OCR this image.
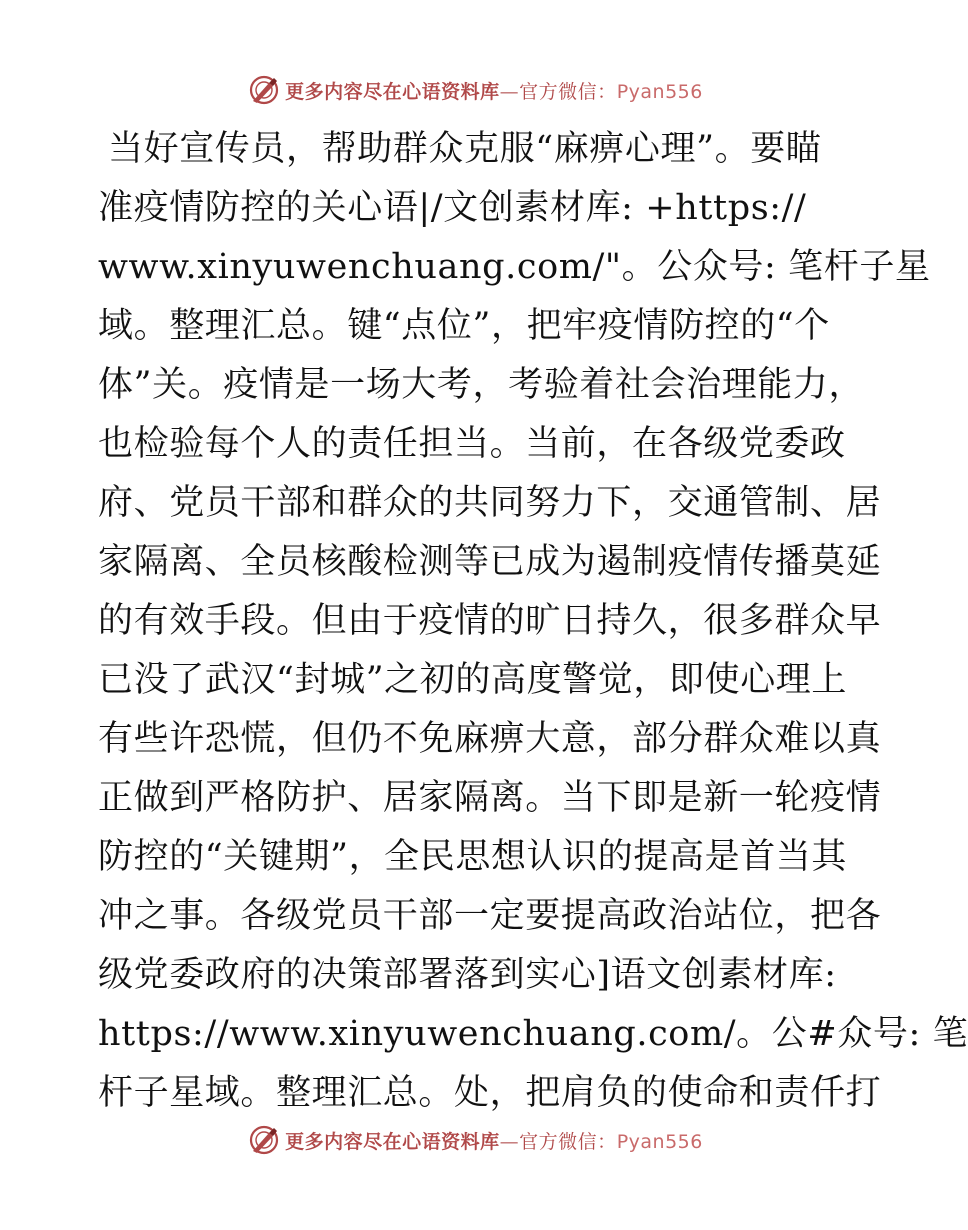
更多内容尽在心语资料库—官方微信：Pyan556
当好宣传员，帮助群众克服“麻痹心理”。要瞄
准疫情防控的关心语|/文创素材库: +https://
www.xinyuwenchuang.com/"。公众号: 笔杆子星
域。整理汇总。键“点位”，把牢疫情防控的“个
体”关。疫情是一场大考，考验着社会治理能力，
也检验每个人的责任担当。当前，在各级党委政
府、党员干部和群众的共同努力下，交通管制、居
家隔离、全员核酸检测等已成为遏制疫情传播莫延
的有效手段。但由于疫情的旷日持久，很多群众早
已没了武汉“封城”之初的高度警觉，即使心理上
有些许恐慌，但仍不免麻痹大意，部分群众难以真
正做到严格防护、居家隔离。当下即是新一轮疫情
防控的“关键期”，全民思想认识的提高是首当其
冲之事。各级党员干部一定要提高政治站位，把各
级党委政府的决策部署落到实心]语文创素材库:
https://www.xinyuwenchuang.com/。公#众号: 笔
杆子星域。整理汇总。处，把肩负的使命和责仟打
更多内容尽在心语资料库—官方微信：Pyan556
